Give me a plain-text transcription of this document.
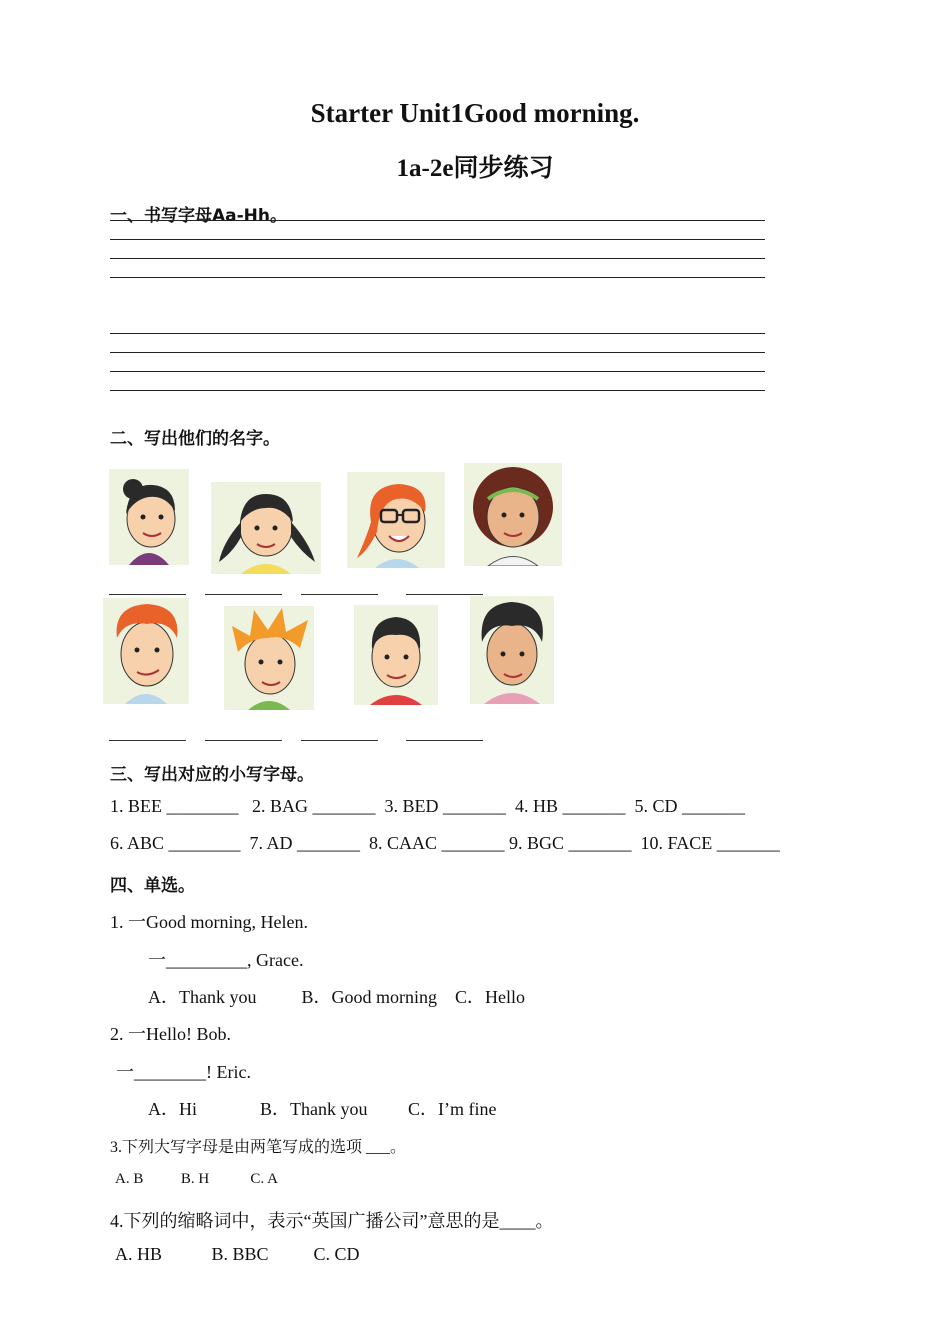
Starter Unit1Good morning.
1a-2e同步练习
一、书写字母Aa-Hh。
二、写出他们的名字。
三、写出对应的小写字母。
1. BEE ________   2. BAG _______  3. BED _______  4. HB _______  5. CD _______
6. ABC ________  7. AD _______  8. CAAC _______ 9. BGC _______  10. FACE _______
四、单选。
1. 一Good morning, Helen.
一_________, Grace.
A．Thank you          B．Good morning    C．Hello
2. 一Hello! Bob.
一________! Eric.
A．Hi              B．Thank you         C．I’m fine
3.下列大写字母是由两笔写成的选项 ___。
A. B          B. H           C. A
4.下列的缩略词中，表示“英国广播公司”意思的是____。
A. HB           B. BBC          C. CD
